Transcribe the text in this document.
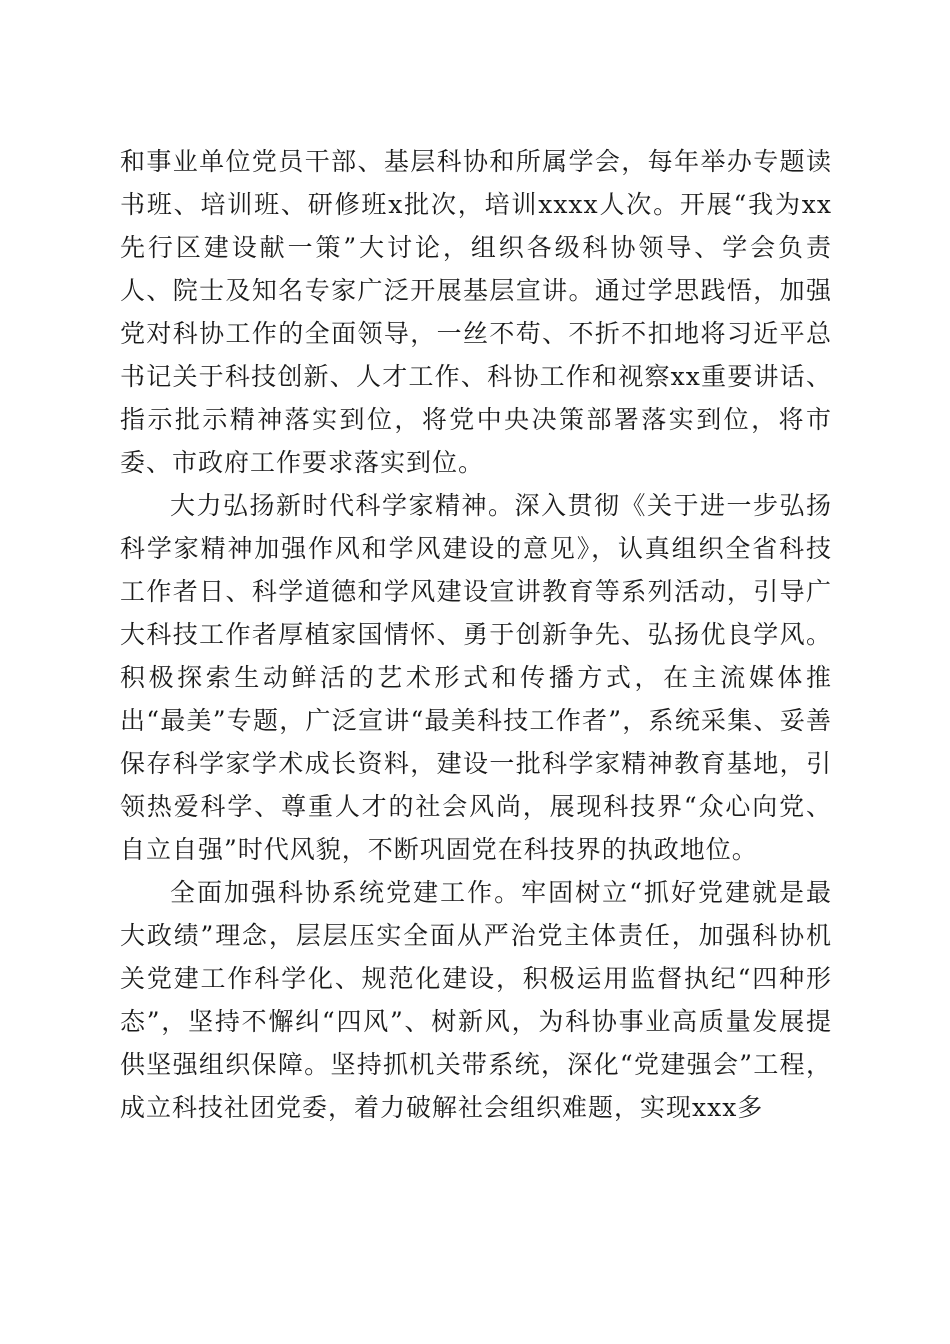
和事业单位党员干部、基层科协和所属学会，每年举办专题读书班、培训班、研修班x批次，培训xxxx人次。开展“我为xx先行区建设献一策”大讨论，组织各级科协领导、学会负责人、院士及知名专家广泛开展基层宣讲。通过学思践悟，加强党对科协工作的全面领导，一丝不苟、不折不扣地将习近平总书记关于科技创新、人才工作、科协工作和视察xx重要讲话、指示批示精神落实到位，将党中央决策部署落实到位，将市委、市政府工作要求落实到位。

大力弘扬新时代科学家精神。深入贯彻《关于进一步弘扬科学家精神加强作风和学风建设的意见》，认真组织全省科技工作者日、科学道德和学风建设宣讲教育等系列活动，引导广大科技工作者厚植家国情怀、勇于创新争先、弘扬优良学风。积极探索生动鲜活的艺术形式和传播方式，在主流媒体推出“最美”专题，广泛宣讲“最美科技工作者”，系统采集、妥善保存科学家学术成长资料，建设一批科学家精神教育基地，引领热爱科学、尊重人才的社会风尚，展现科技界“众心向党、自立自强”时代风貌，不断巩固党在科技界的执政地位。

全面加强科协系统党建工作。牢固树立“抓好党建就是最大政绩”理念，层层压实全面从严治党主体责任，加强科协机关党建工作科学化、规范化建设，积极运用监督执纪“四种形态”，坚持不懈纠“四风”、树新风，为科协事业高质量发展提供坚强组织保障。坚持抓机关带系统，深化“党建强会”工程，成立科技社团党委，着力破解社会组织难题，实现xxx多
